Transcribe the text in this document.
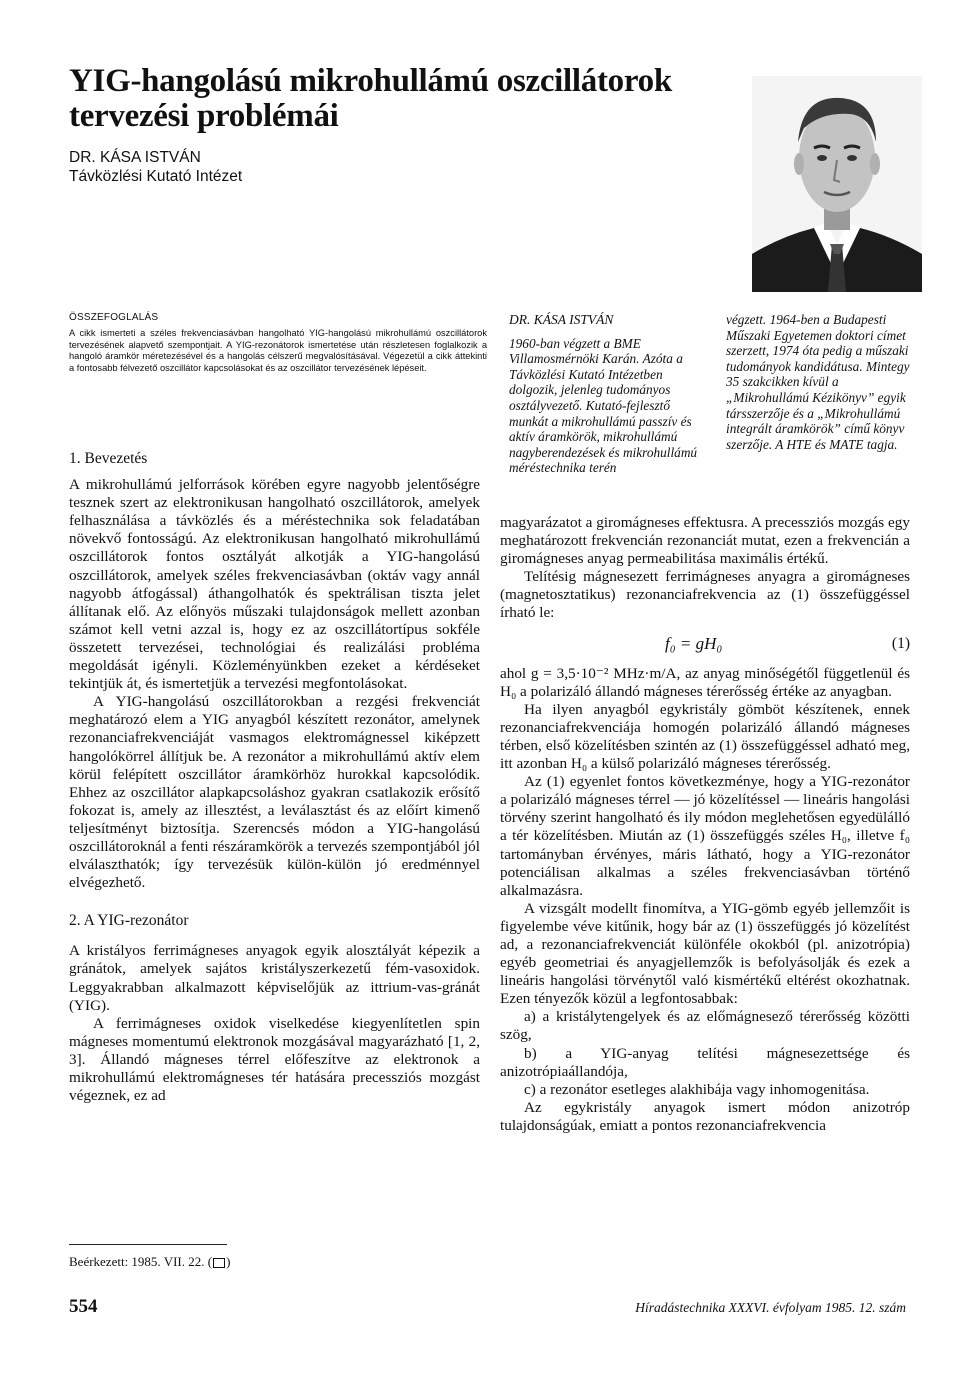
YIG-hangolású mikrohullámú oszcillátorok tervezési problémái
DR. KÁSA ISTVÁN
Távközlési Kutató Intézet
ÖSSZEFOGLALÁS
A cikk ismerteti a széles frekvenciasávban hangolható YIG-hangolású mikrohullámú oszcillátorok tervezésének alapvető szempontjait. A YIG-rezonátorok ismertetése után részletesen foglalkozik a hangoló áramkör méretezésével és a hangolás célszerű megvalósításával. Végezetül a cikk áttekinti a fontosabb félvezető oszcillátor kapcsolásokat és az oszcillátor tervezésének lépéseit.
DR. KÁSA ISTVÁN
1960-ban végzett a BME Villamosmérnöki Karán. Azóta a Távközlési Kutató Intézetben dolgozik, jelenleg tudományos osztályvezető. Kutató-fejlesztő munkát a mikrohullámú passzív és aktív áramkörök, mikrohullámú nagyberendezések és mikrohullámú méréstechnika terén
végzett. 1964-ben a Budapesti Műszaki Egyetemen doktori címet szerzett, 1974 óta pedig a műszaki tudományok kandidátusa. Mintegy 35 szakcikken kívül a „Mikrohullámú Kézikönyv” egyik társszerzője és a „Mikrohullámú integrált áramkörök” című könyv szerzője. A HTE és MATE tagja.
1. Bevezetés

A mikrohullámú jelforrások körében egyre nagyobb jelentőségre tesznek szert az elektronikusan hangolható oszcillátorok, amelyek felhasználása a távközlés és a méréstechnika sok feladatában növekvő fontosságú. Az elektronikusan hangolható mikrohullámú oszcillátorok fontos osztályát alkotják a YIG-hangolású oszcillátorok, amelyek széles frekvenciasávban (oktáv vagy annál nagyobb átfogással) áthangolhatók és spektrálisan tiszta jelet állítanak elő. Az előnyös műszaki tulajdonságok mellett azonban számot kell vetni azzal is, hogy ez az oszcillátortípus sokféle összetett tervezései, technológiai és realizálási probléma megoldását igényli. Közleményünkben ezeket a kérdéseket tekintjük át, és ismertetjük a tervezési megfontolásokat.

A YIG-hangolású oszcillátorokban a rezgési frekvenciát meghatározó elem a YIG anyagból készített rezonátor, amelynek rezonanciafrekvenciáját vasmagos elektromágnessel kiképzett hangolókörrel állítjuk be. A rezonátor a mikrohullámú aktív elem körül felépített oszcillátor áramkörhöz hurokkal kapcsolódik. Ehhez az oszcillátor alapkapcsoláshoz gyakran csatlakozik erősítő fokozat is, amely az illesztést, a leválasztást és az előírt kimenő teljesítményt biztosítja. Szerencsés módon a YIG-hangolású oszcillátoroknál a fenti részáramkörök a tervezés szempontjából jól elválaszthatók; így tervezésük külön-külön jó eredménnyel elvégezhető.

2. A YIG-rezonátor

A kristályos ferrimágneses anyagok egyik alosztályát képezik a gránátok, amelyek sajátos kristályszerkezetű fém-vasoxidok. Leggyakrabban alkalmazott képviselőjük az ittrium-vas-gránát (YIG).

A ferrimágneses oxidok viselkedése kiegyenlítetlen spin mágneses momentumú elektronok mozgásával magyarázható [1, 2, 3]. Állandó mágneses térrel előfeszítve az elektronok a mikrohullámú elektromágneses tér hatására precessziós mozgást végeznek, ez ad

magyarázatot a giromágneses effektusra. A precessziós mozgás egy meghatározott frekvencián rezonanciát mutat, ezen a frekvencián a giromágneses anyag permeabilitása maximális értékű.

Telítésig mágnesezett ferrimágneses anyagra a giromágneses (magnetosztatikus) rezonanciafrekvencia az (1) összefüggéssel írható le:

f₀ = gH₀	(1)

ahol g = 3,5·10⁻² MHz·m/A, az anyag minőségétől függetlenül és H₀ a polarizáló állandó mágneses térerősség értéke az anyagban.

Ha ilyen anyagból egykristály gömböt készítenek, ennek rezonanciafrekvenciája homogén polarizáló állandó mágneses térben, első közelítésben szintén az (1) összefüggéssel adható meg, itt azonban H₀ a külső polarizáló mágneses térerősség.

Az (1) egyenlet fontos következménye, hogy a YIG-rezonátor a polarizáló mágneses térrel — jó közelítéssel — lineáris hangolási törvény szerint hangolható és ily módon meglehetősen egyedülálló a tér közelítésben. Miután az (1) összefüggés széles H₀, illetve f₀ tartományban érvényes, máris látható, hogy a YIG-rezonátor potenciálisan alkalmas a széles frekvenciasávban történő alkalmazásra.

A vizsgált modellt finomítva, a YIG-gömb egyéb jellemzőit is figyelembe véve kitűnik, hogy bár az (1) összefüggés jó közelítést ad, a rezonanciafrekvenciát különféle okokból (pl. anizotrópia) egyéb geometriai és anyagjellemzők is befolyásolják és ezek a lineáris hangolási törvénytől való kismértékű eltérést okozhatnak. Ezen tényezők közül a legfontosabbak:

a) a kristálytengelyek és az előmágnesező térerősség közötti szög,

b) a YIG-anyag telítési mágnesezettsége és anizotrópiaállandója,

c) a rezonátor esetleges alakhibája vagy inhomogenitása.

Az egykristály anyagok ismert módon anizotróp tulajdonságúak, emiatt a pontos rezonanciafrekvencia

Beérkezett: 1985. VII. 22. ( )
554	Híradástechnika XXXVI. évfolyam 1985. 12. szám
